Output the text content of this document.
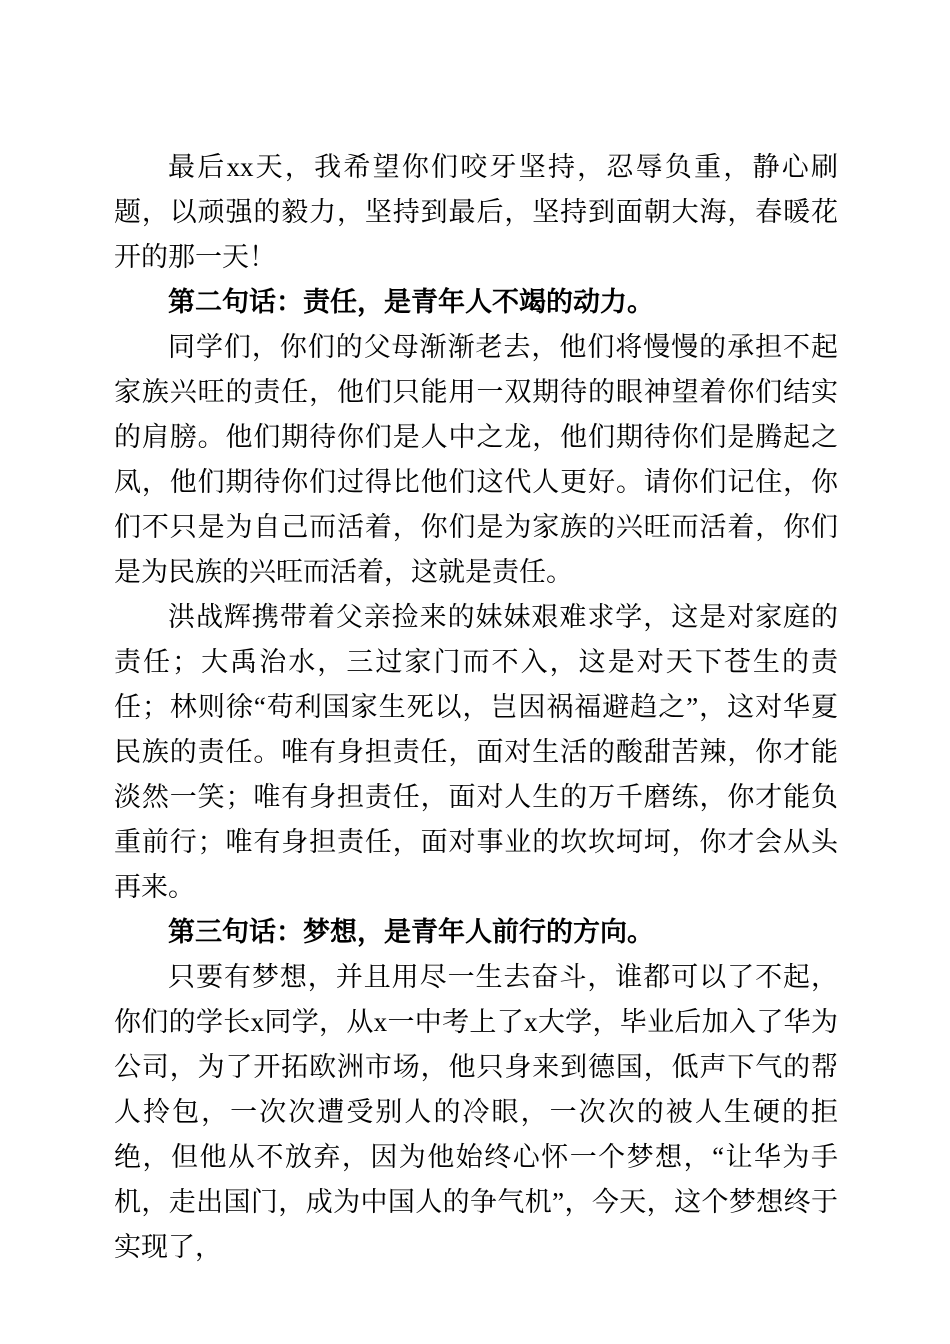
最后xx天，我希望你们咬牙坚持，忍辱负重，静心刷题，以顽强的毅力，坚持到最后，坚持到面朝大海，春暖花开的那一天！

第二句话：责任，是青年人不竭的动力。

同学们，你们的父母渐渐老去，他们将慢慢的承担不起家族兴旺的责任，他们只能用一双期待的眼神望着你们结实的肩膀。他们期待你们是人中之龙，他们期待你们是腾起之凤，他们期待你们过得比他们这代人更好。请你们记住，你们不只是为自己而活着，你们是为家族的兴旺而活着，你们是为民族的兴旺而活着，这就是责任。

洪战辉携带着父亲捡来的妹妹艰难求学，这是对家庭的责任；大禹治水，三过家门而不入，这是对天下苍生的责任；林则徐“苟利国家生死以，岂因祸福避趋之”，这对华夏民族的责任。唯有身担责任，面对生活的酸甜苦辣，你才能淡然一笑；唯有身担责任，面对人生的万千磨练，你才能负重前行；唯有身担责任，面对事业的坎坎坷坷，你才会从头再来。

第三句话：梦想，是青年人前行的方向。

只要有梦想，并且用尽一生去奋斗，谁都可以了不起，你们的学长x同学，从x一中考上了x大学，毕业后加入了华为公司，为了开拓欧洲市场，他只身来到德国，低声下气的帮人拎包，一次次遭受别人的冷眼，一次次的被人生硬的拒绝，但他从不放弃，因为他始终心怀一个梦想，“让华为手机，走出国门，成为中国人的争气机”，今天，这个梦想终于实现了，
